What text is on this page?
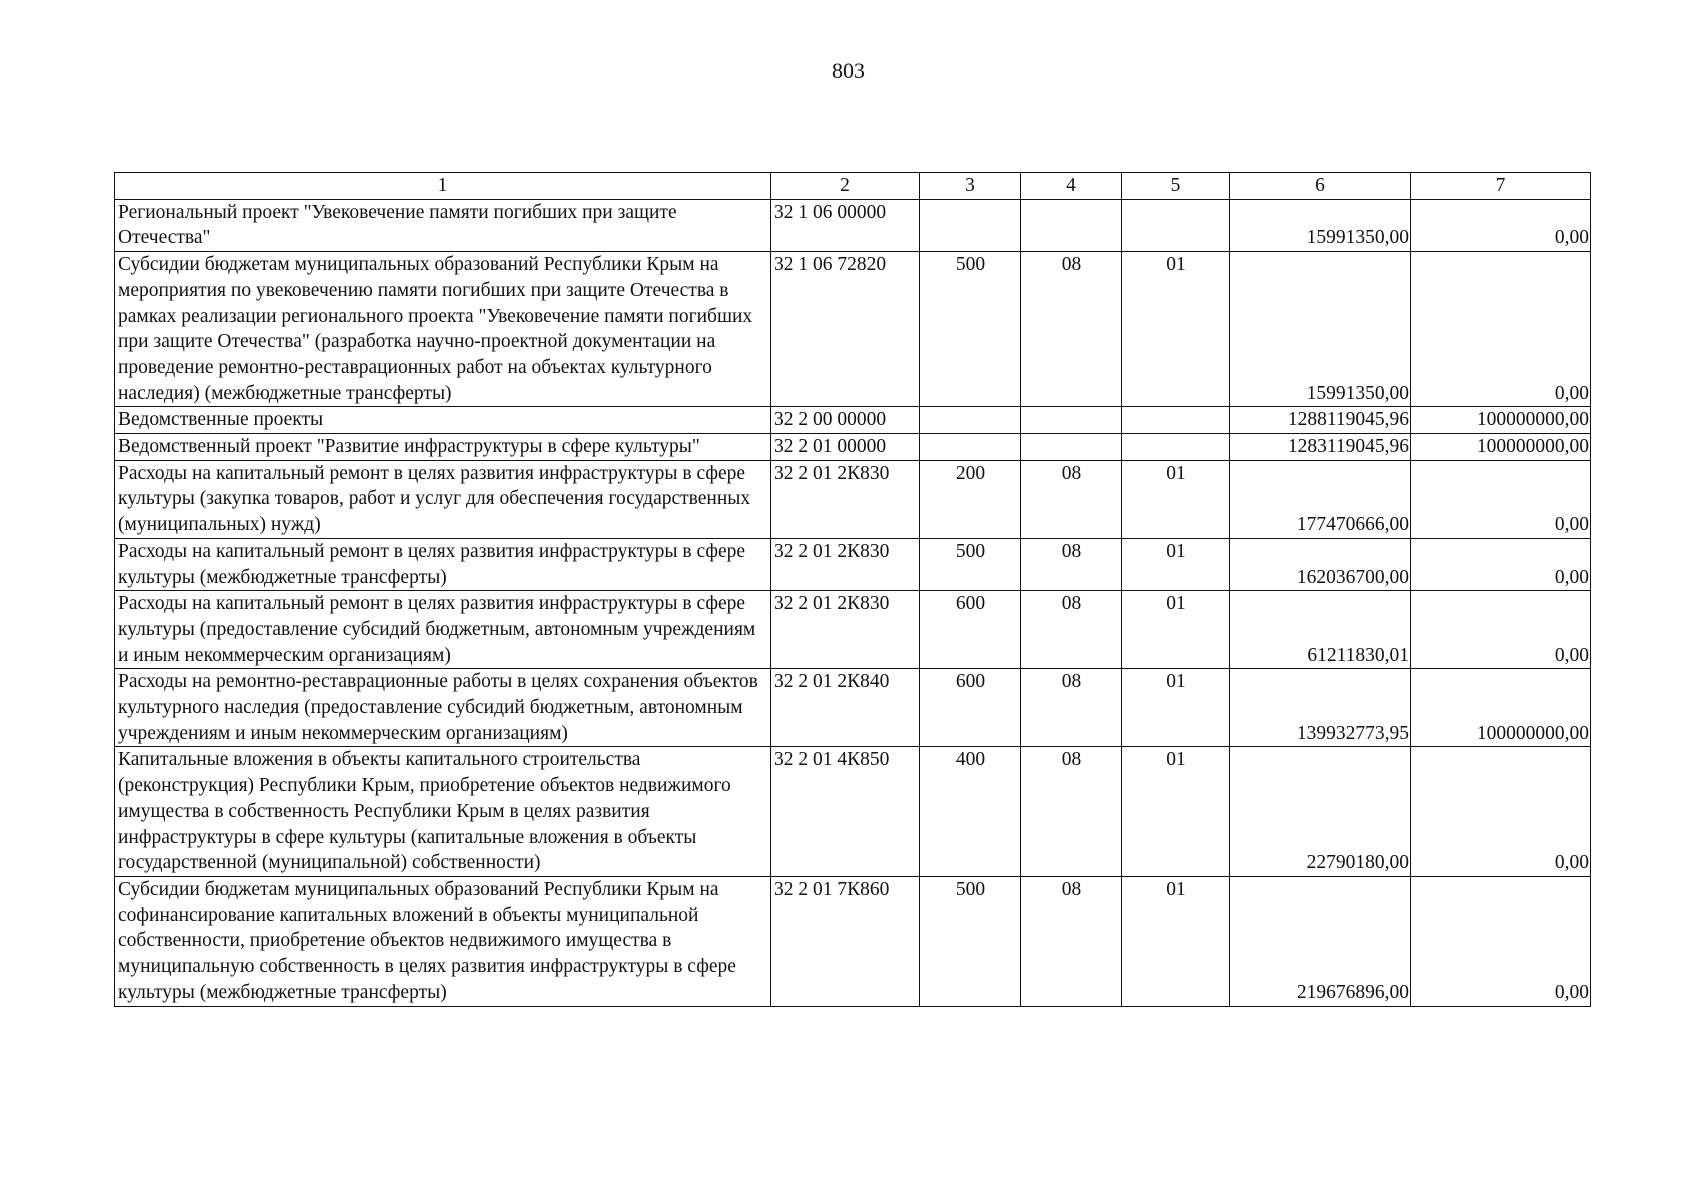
803
1	2	3	4	5	6	7
Региональный проект "Увековечение памяти погибших при защите Отечества"	32 1 06 00000				15991350,00	0,00
Субсидии бюджетам муниципальных образований Республики Крым на мероприятия по увековечению памяти погибших при защите Отечества в рамках реализации регионального проекта "Увековечение памяти погибших при защите Отечества" (разработка научно-проектной документации на проведение ремонтно-реставрационных работ на объектах культурного наследия) (межбюджетные трансферты)	32 1 06 72820	500	08	01	15991350,00	0,00
Ведомственные проекты	32 2 00 00000				1288119045,96	100000000,00
Ведомственный проект "Развитие инфраструктуры в сфере культуры"	32 2 01 00000				1283119045,96	100000000,00
Расходы на капитальный ремонт в целях развития инфраструктуры в сфере культуры (закупка товаров, работ и услуг для обеспечения государственных (муниципальных) нужд)	32 2 01 2К830	200	08	01	177470666,00	0,00
Расходы на капитальный ремонт в целях развития инфраструктуры в сфере культуры (межбюджетные трансферты)	32 2 01 2К830	500	08	01	162036700,00	0,00
Расходы на капитальный ремонт в целях развития инфраструктуры в сфере культуры (предоставление субсидий бюджетным, автономным учреждениям и иным некоммерческим организациям)	32 2 01 2К830	600	08	01	61211830,01	0,00
Расходы на ремонтно-реставрационные работы в целях сохранения объектов культурного наследия (предоставление субсидий бюджетным, автономным учреждениям и иным некоммерческим организациям)	32 2 01 2К840	600	08	01	139932773,95	100000000,00
Капитальные вложения в объекты капитального строительства (реконструкция) Республики Крым, приобретение объектов недвижимого имущества в собственность Республики Крым в целях развития инфраструктуры в сфере культуры (капитальные вложения в объекты государственной (муниципальной) собственности)	32 2 01 4К850	400	08	01	22790180,00	0,00
Субсидии бюджетам муниципальных образований Республики Крым на софинансирование капитальных вложений в объекты муниципальной собственности, приобретение объектов недвижимого имущества в муниципальную собственность в целях развития инфраструктуры в сфере культуры (межбюджетные трансферты)	32 2 01 7К860	500	08	01	219676896,00	0,00
